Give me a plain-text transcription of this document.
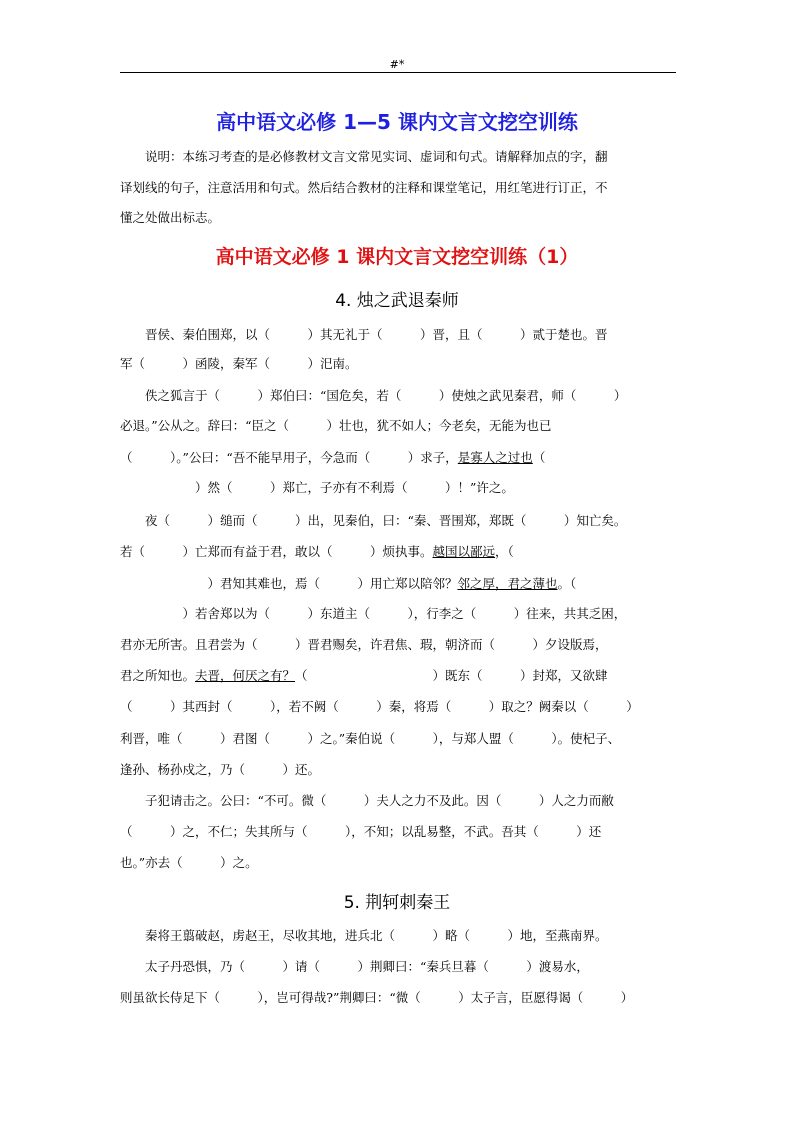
#*
高中语文必修 1—5 课内文言文挖空训练
　　说明：本练习考查的是必修教材文言文常见实词、虚词和句式。请解释加点的字，翻
译划线的句子，注意活用和句式。然后结合教材的注释和课堂笔记，用红笔进行订正，不
懂之处做出标志。
高中语文必修 1 课内文言文挖空训练（1）
4. 烛之武退秦师
　　晋侯、秦伯围郑，以（　　　）其无礼于（　　　）晋，且（　　　）贰于楚也。晋
军（　　　）函陵，秦军（　　　）汜南。
　　佚之狐言于（　　　）郑伯曰：“国危矣，若（　　　）使烛之武见秦君，师（　　　）
必退。”公从之。辞曰：“臣之（　　　）壮也，犹不如人；今老矣，无能为也已
（　　　）。”公曰：“吾不能早用子，今急而（　　　）求子，是寡人之过也（
　　　　　　）然（　　　）郑亡，子亦有不利焉（　　　）！”许之。
　　夜（　　　）缒而（　　　）出，见秦伯，曰：“秦、晋围郑，郑既（　　　）知亡矣。
若（　　　）亡郑而有益于君，敢以（　　　）烦执事。越国以鄙远，（
　　　　　　　）君知其难也，焉（　　　）用亡郑以陪邻？邻之厚，君之薄也。（
　　　　　）若舍郑以为（　　　）东道主（　　　），行李之（　　　）往来，共其乏困，
君亦无所害。且君尝为（　　　）晋君赐矣，许君焦、瑕，朝济而（　　　）夕设版焉，
君之所知也。夫晋，何厌之有？（　　　　　　　　　　）既东（　　　）封郑，又欲肆
（　　　）其西封（　　　），若不阙（　　　）秦，将焉（　　　）取之？阙秦以（　　　）
利晋，唯（　　　）君图（　　　）之。”秦伯说（　　　），与郑人盟（　　　）。使杞子、
逢孙、杨孙戍之，乃（　　　）还。
　　子犯请击之。公曰：“不可。微（　　　）夫人之力不及此。因（　　　）人之力而敝
（　　　）之，不仁；失其所与（　　　），不知；以乱易整，不武。吾其（　　　）还
也。”亦去（　　　）之。
5. 荆轲刺秦王
　　秦将王翦破赵，虏赵王，尽收其地，进兵北（　　　）略（　　　）地，至燕南界。
　　太子丹恐惧，乃（　　　）请（　　　）荆卿曰：“秦兵旦暮（　　　）渡易水，
则虽欲长侍足下（　　　），岂可得哉?”荆卿曰：“微（　　　）太子言，臣愿得谒（　　　）
